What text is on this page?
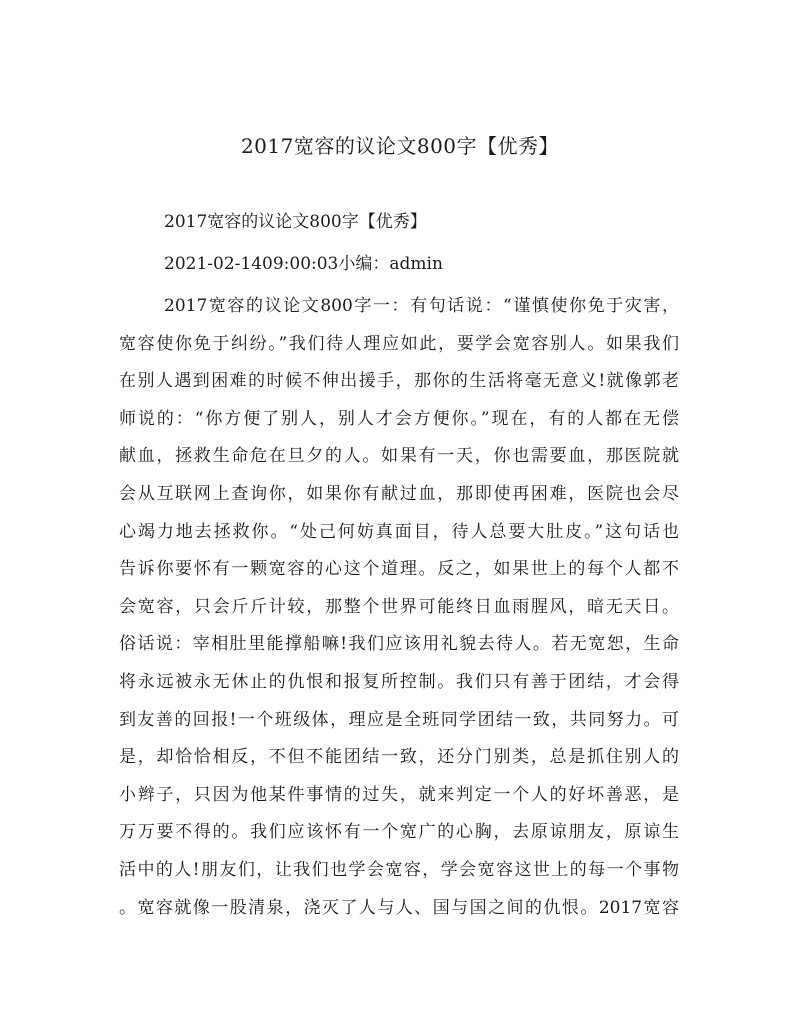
2017宽容的议论文800字【优秀】
2017宽容的议论文800字【优秀】
2021-02-1409:00:03小编：admin
2017宽容的议论文800字一：有句话说：“谨慎使你免于灾害，
宽容使你免于纠纷。”我们待人理应如此，要学会宽容别人。如果我们
在别人遇到困难的时候不伸出援手，那你的生活将毫无意义!就像郭老
师说的：“你方便了别人，别人才会方便你。”现在，有的人都在无偿
献血，拯救生命危在旦夕的人。如果有一天，你也需要血，那医院就
会从互联网上查询你，如果你有献过血，那即使再困难，医院也会尽
心竭力地去拯救你。“处己何妨真面目，待人总要大肚皮。”这句话也
告诉你要怀有一颗宽容的心这个道理。反之，如果世上的每个人都不
会宽容，只会斤斤计较，那整个世界可能终日血雨腥风，暗无天日。
俗话说：宰相肚里能撑船嘛!我们应该用礼貌去待人。若无宽恕，生命
将永远被永无休止的仇恨和报复所控制。我们只有善于团结，才会得
到友善的回报!一个班级体，理应是全班同学团结一致，共同努力。可
是，却恰恰相反，不但不能团结一致，还分门别类，总是抓住别人的
小辫子，只因为他某件事情的过失，就来判定一个人的好坏善恶，是
万万要不得的。我们应该怀有一个宽广的心胸，去原谅朋友，原谅生
活中的人!朋友们，让我们也学会宽容，学会宽容这世上的每一个事物
。宽容就像一股清泉，浇灭了人与人、国与国之间的仇恨。2017宽容
